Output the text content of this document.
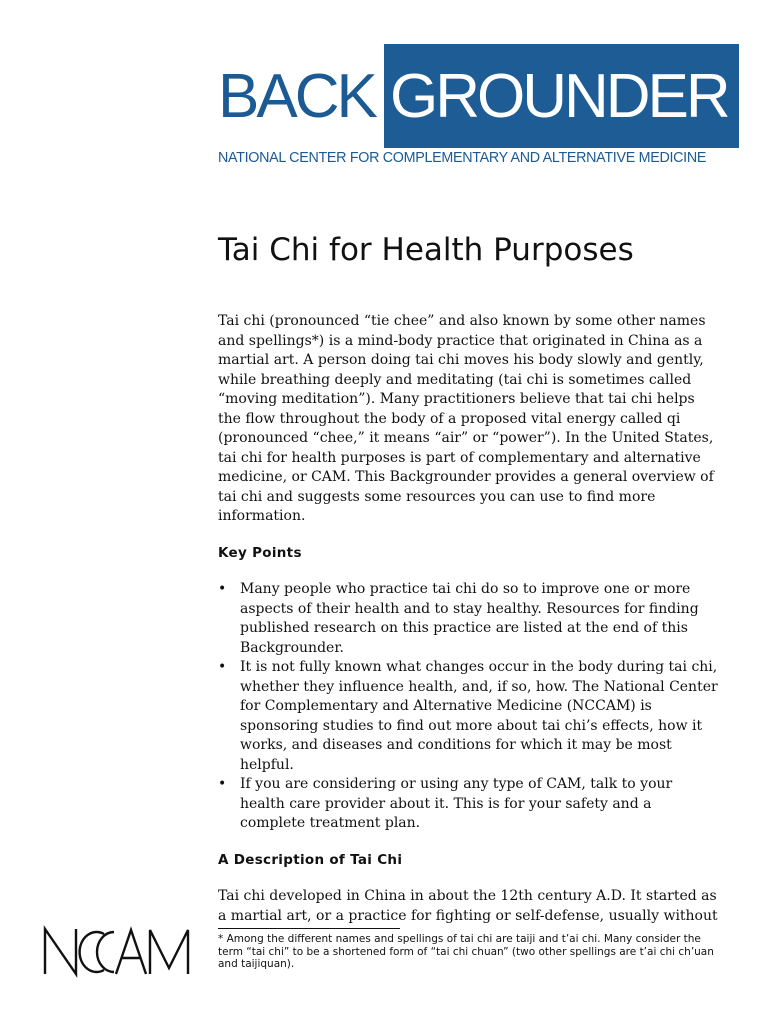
BACK GROUNDER
NATIONAL CENTER FOR COMPLEMENTARY AND ALTERNATIVE MEDICINE
Tai Chi for Health Purposes

Tai chi (pronounced “tie chee” and also known by some other names and spellings*) is a mind-body practice that originated in China as a martial art. A person doing tai chi moves his body slowly and gently, while breathing deeply and meditating (tai chi is sometimes called “moving meditation”). Many practitioners believe that tai chi helps the flow throughout the body of a proposed vital energy called qi (pronounced “chee,” it means “air” or “power”). In the United States, tai chi for health purposes is part of complementary and alternative medicine, or CAM. This Backgrounder provides a general overview of tai chi and suggests some resources you can use to find more information.

Key Points
• Many people who practice tai chi do so to improve one or more aspects of their health and to stay healthy. Resources for finding published research on this practice are listed at the end of this Backgrounder.
• It is not fully known what changes occur in the body during tai chi, whether they influence health, and, if so, how. The National Center for Complementary and Alternative Medicine (NCCAM) is sponsoring studies to find out more about tai chi’s effects, how it works, and diseases and conditions for which it may be most helpful.
• If you are considering or using any type of CAM, talk to your health care provider about it. This is for your safety and a complete treatment plan.
A Description of Tai Chi

Tai chi developed in China in about the 12th century A.D. It started as a martial art, or a practice for fighting or self-defense, usually without

* Among the different names and spellings of tai chi are taiji and t’ai chi. Many consider the term “tai chi” to be a shortened form of “tai chi chuan” (two other spellings are t’ai chi ch’uan and taijiquan).
